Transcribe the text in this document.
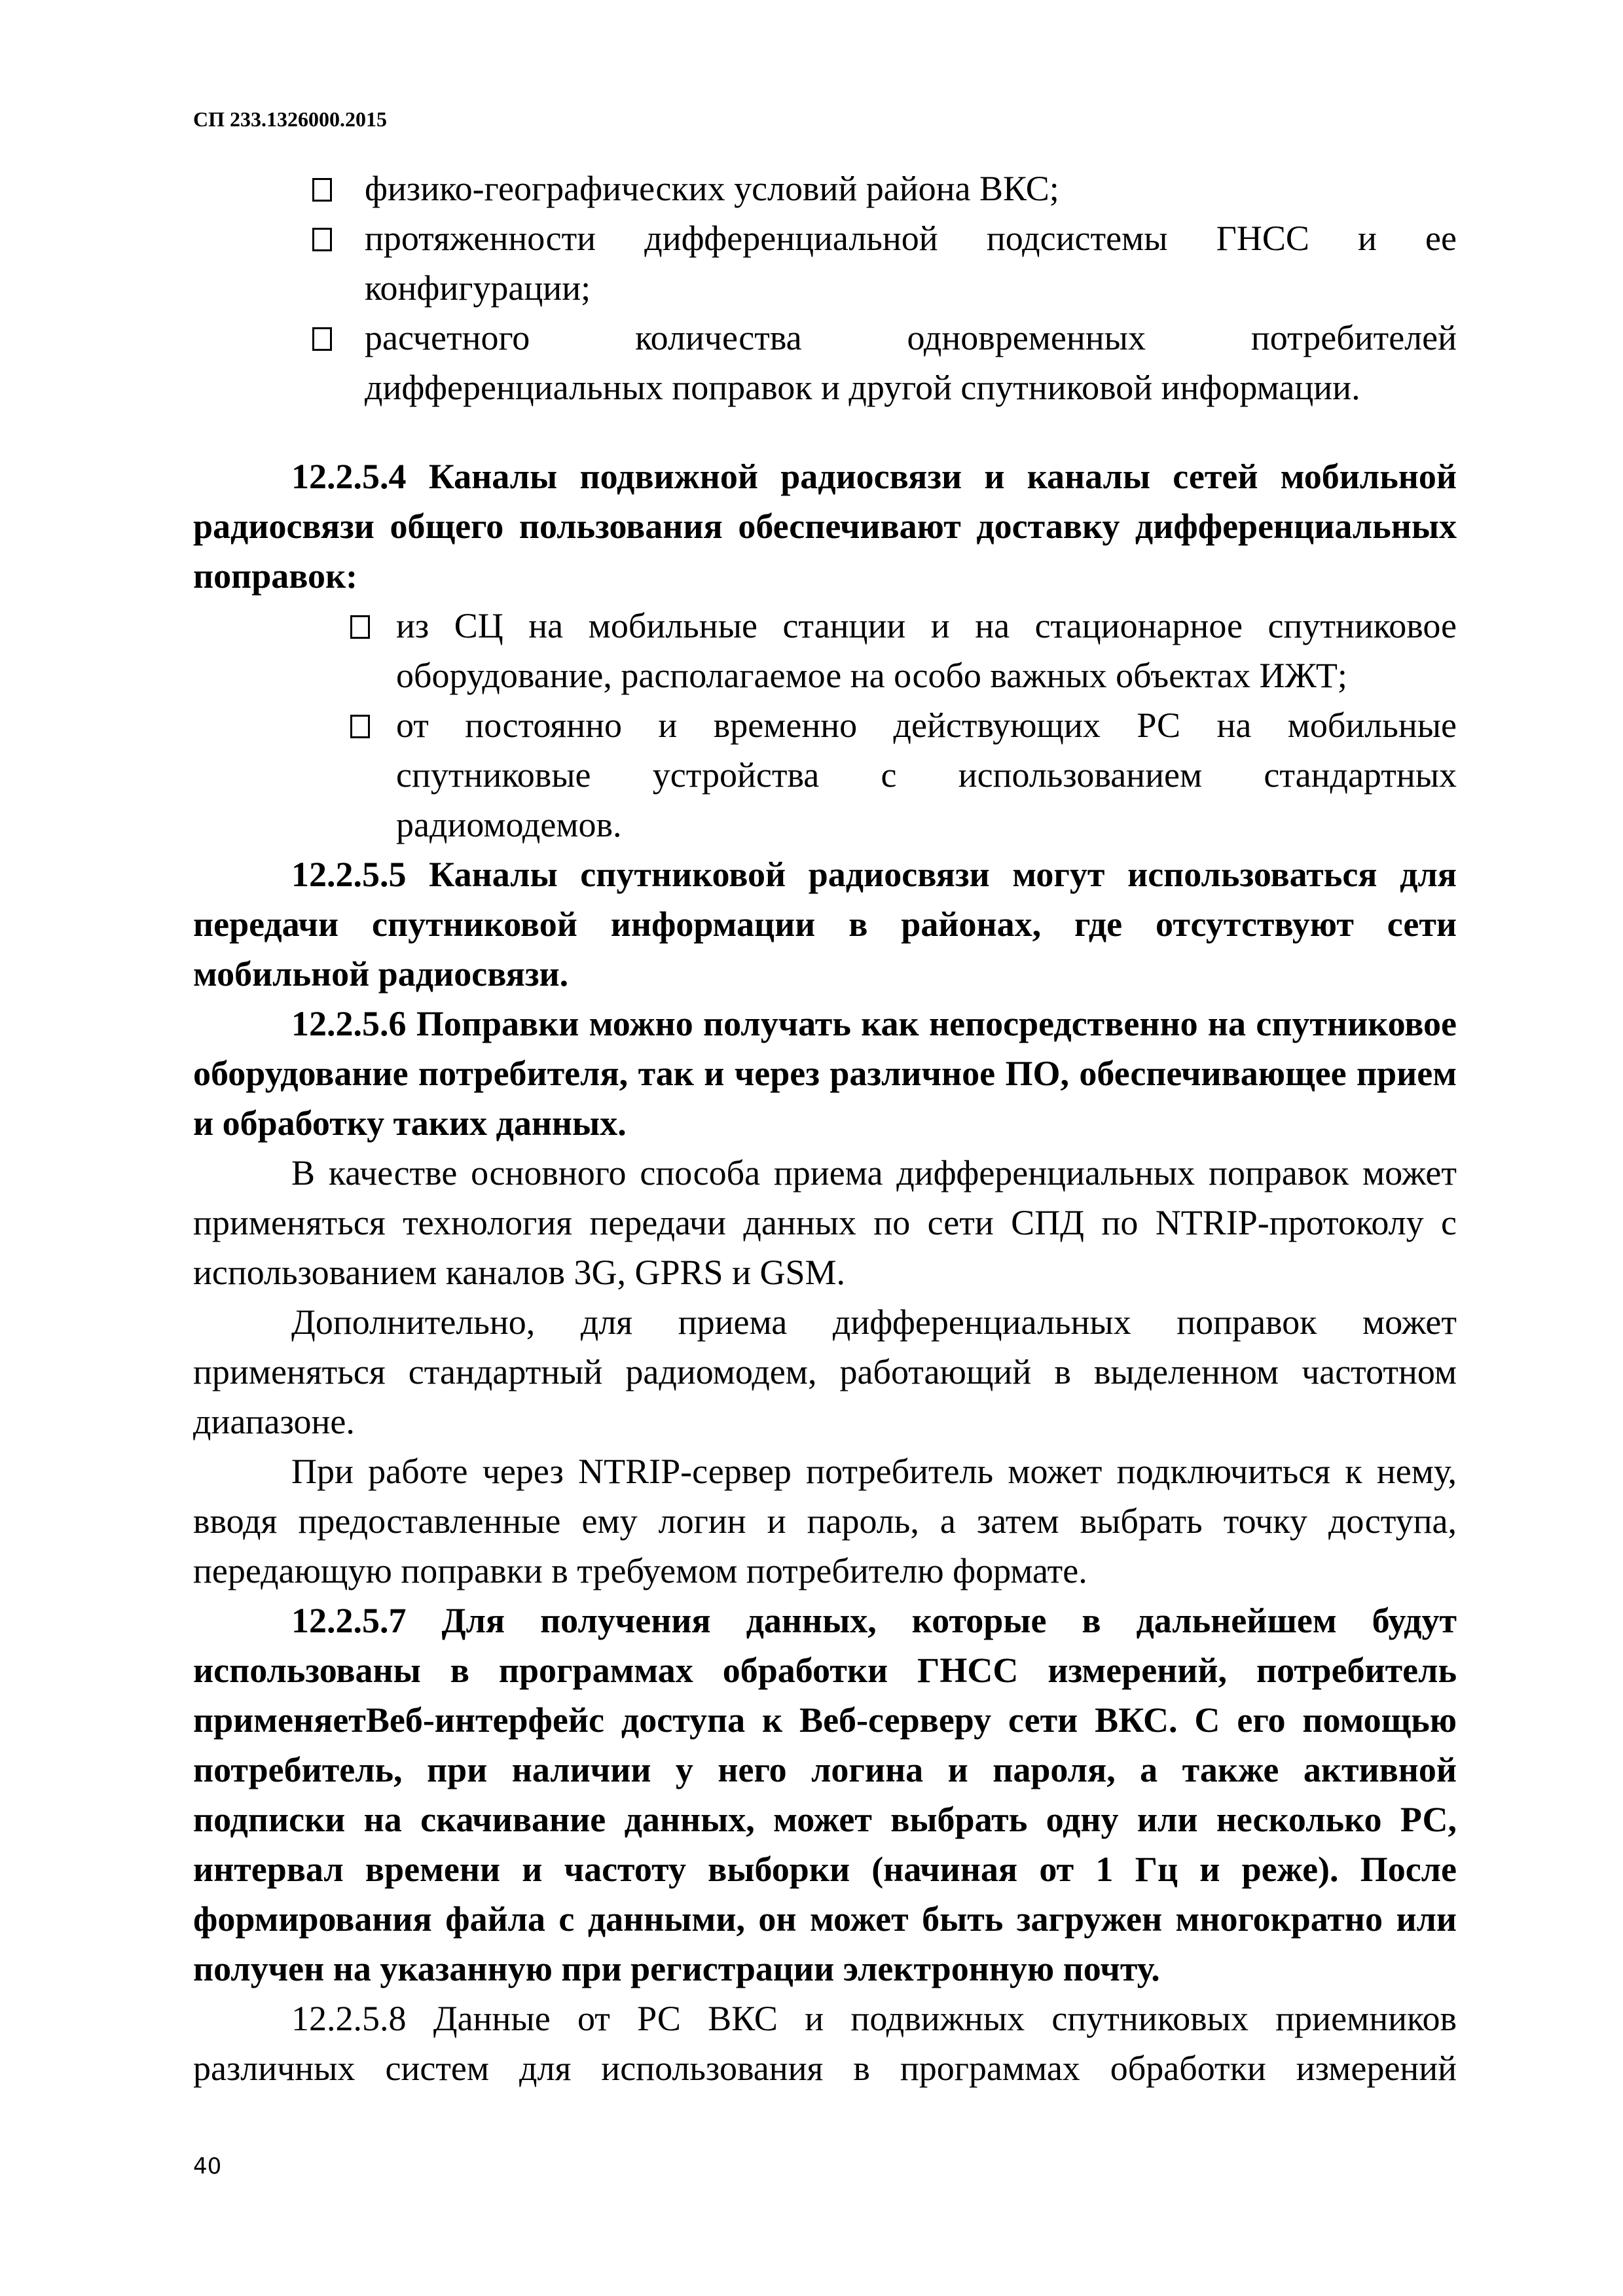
СП 233.1326000.2015
физико-географических условий района ВКС;
протяженности дифференциальной подсистемы ГНСС и ее конфигурации;
расчетного количества одновременных потребителей дифференциальных поправок и другой спутниковой информации.

12.2.5.4 Каналы подвижной радиосвязи и каналы сетей мобильной радиосвязи общего пользования обеспечивают доставку дифференциальных поправок:

из СЦ на мобильные станции и на стационарное спутниковое оборудование, располагаемое на особо важных объектах ИЖТ;
от постоянно и временно действующих РС на мобильные спутниковые устройства с использованием стандартных радиомодемов.

12.2.5.5 Каналы спутниковой радиосвязи могут использоваться для передачи спутниковой информации в районах, где отсутствуют сети мобильной радиосвязи.

12.2.5.6 Поправки можно получать как непосредственно на спутниковое оборудование потребителя, так и через различное ПО, обеспечивающее прием и обработку таких данных.

В качестве основного способа приема дифференциальных поправок может применяться технология передачи данных по сети СПД по NTRIP-протоколу с использованием каналов 3G, GPRS и GSM.

Дополнительно, для приема дифференциальных поправок может применяться стандартный радиомодем, работающий в выделенном частотном диапазоне.

При работе через NTRIP-сервер потребитель может подключиться к нему, вводя предоставленные ему логин и пароль, а затем выбрать точку доступа, передающую поправки в требуемом потребителю формате.

12.2.5.7 Для получения данных, которые в дальнейшем будут использованы в программах обработки ГНСС измерений, потребитель применяетВеб-интерфейс доступа к Веб-серверу сети ВКС. С его помощью потребитель, при наличии у него логина и пароля, а также активной подписки на скачивание данных, может выбрать одну или несколько РС, интервал времени и частоту выборки (начиная от 1 Гц и реже). После формирования файла с данными, он может быть загружен многократно или получен на указанную при регистрации электронную почту.

12.2.5.8 Данные от РС ВКС и подвижных спутниковых приемников различных систем для использования в программах обработки измерений

40
